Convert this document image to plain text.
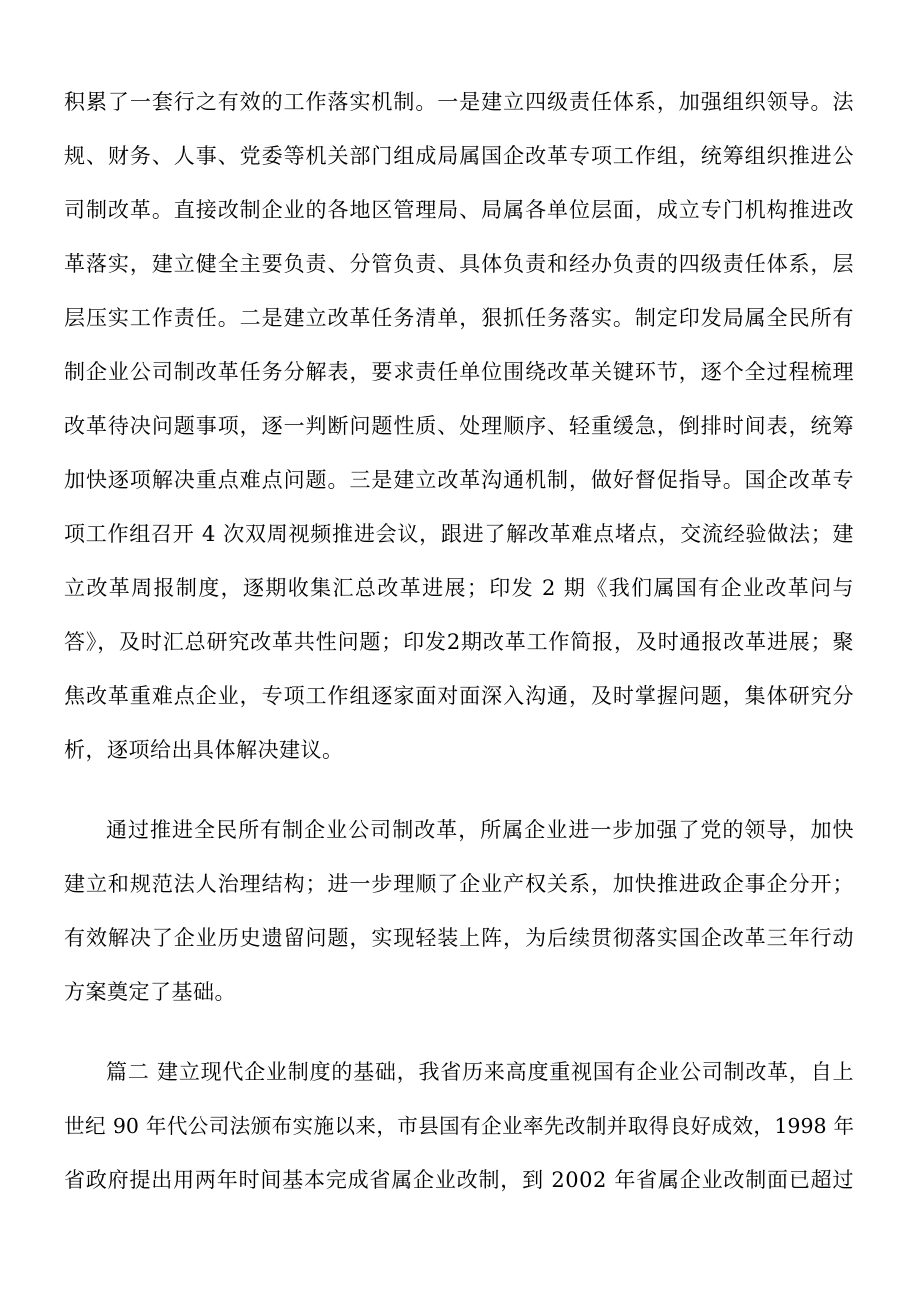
积累了一套行之有效的工作落实机制。一是建立四级责任体系，加强组织领导。法
规、财务、人事、党委等机关部门组成局属国企改革专项工作组，统筹组织推进公
司制改革。直接改制企业的各地区管理局、局属各单位层面，成立专门机构推进改
革落实，建立健全主要负责、分管负责、具体负责和经办负责的四级责任体系，层
层压实工作责任。二是建立改革任务清单，狠抓任务落实。制定印发局属全民所有
制企业公司制改革任务分解表，要求责任单位围绕改革关键环节，逐个全过程梳理
改革待决问题事项，逐一判断问题性质、处理顺序、轻重缓急，倒排时间表，统筹
加快逐项解决重点难点问题。三是建立改革沟通机制，做好督促指导。国企改革专
项工作组召开 4 次双周视频推进会议，跟进了解改革难点堵点，交流经验做法；建
立改革周报制度，逐期收集汇总改革进展；印发 2 期《我们属国有企业改革问与
答》，及时汇总研究改革共性问题；印发2期改革工作简报，及时通报改革进展；聚
焦改革重难点企业，专项工作组逐家面对面深入沟通，及时掌握问题，集体研究分
析，逐项给出具体解决建议。
通过推进全民所有制企业公司制改革，所属企业进一步加强了党的领导，加快
建立和规范法人治理结构；进一步理顺了企业产权关系，加快推进政企事企分开；
有效解决了企业历史遗留问题，实现轻装上阵，为后续贯彻落实国企改革三年行动
方案奠定了基础。
篇二 建立现代企业制度的基础，我省历来高度重视国有企业公司制改革，自上
世纪 90 年代公司法颁布实施以来，市县国有企业率先改制并取得良好成效，1998 年
省政府提出用两年时间基本完成省属企业改制，到 2002 年省属企业改制面已超过
